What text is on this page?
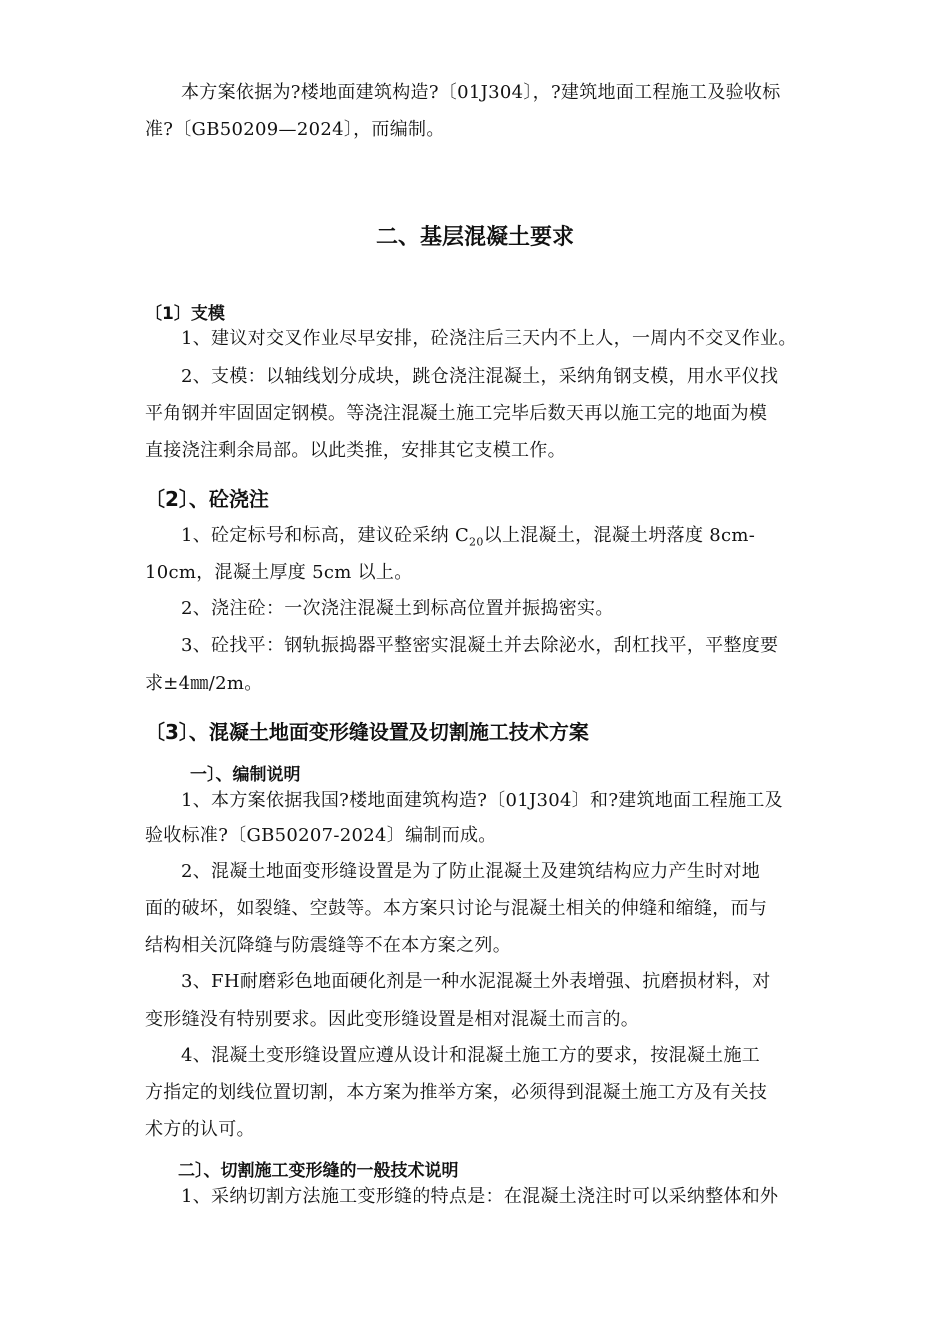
本方案依据为?楼地面建筑构造?〔01J304〕，?建筑地面工程施工及验收标
准?〔GB50209—2024〕，而编制。
二、基层混凝土要求
〔1〕支模
1、建议对交叉作业尽早安排，砼浇注后三天内不上人，一周内不交叉作业。
2、支模：以轴线划分成块，跳仓浇注混凝土，采纳角钢支模，用水平仪找
平角钢并牢固固定钢模。等浇注混凝土施工完毕后数天再以施工完的地面为模
直接浇注剩余局部。以此类推，安排其它支模工作。
〔2〕、砼浇注
1、砼定标号和标高，建议砼采纳 $C_{20}$以上混凝土，混凝土坍落度 8cm-
10cm，混凝土厚度 5cm 以上。
2、浇注砼：一次浇注混凝土到标高位置并振捣密实。
3、砼找平：钢轨振捣器平整密实混凝土并去除泌水，刮杠找平，平整度要
求±4㎜/2m。
〔3〕、混凝土地面变形缝设置及切割施工技术方案
一〕、编制说明
1、本方案依据我国?楼地面建筑构造?〔01J304〕和?建筑地面工程施工及
验收标准?〔GB50207-2024〕编制而成。
2、混凝土地面变形缝设置是为了防止混凝土及建筑结构应力产生时对地
面的破坏，如裂缝、空鼓等。本方案只讨论与混凝土相关的伸缝和缩缝，而与
结构相关沉降缝与防震缝等不在本方案之列。
3、FH耐磨彩色地面硬化剂是一种水泥混凝土外表增强、抗磨损材料，对
变形缝没有特别要求。因此变形缝设置是相对混凝土而言的。
4、混凝土变形缝设置应遵从设计和混凝土施工方的要求，按混凝土施工
方指定的划线位置切割，本方案为推举方案，必须得到混凝土施工方及有关技
术方的认可。
二〕、切割施工变形缝的一般技术说明
1、采纳切割方法施工变形缝的特点是：在混凝土浇注时可以采纳整体和外
